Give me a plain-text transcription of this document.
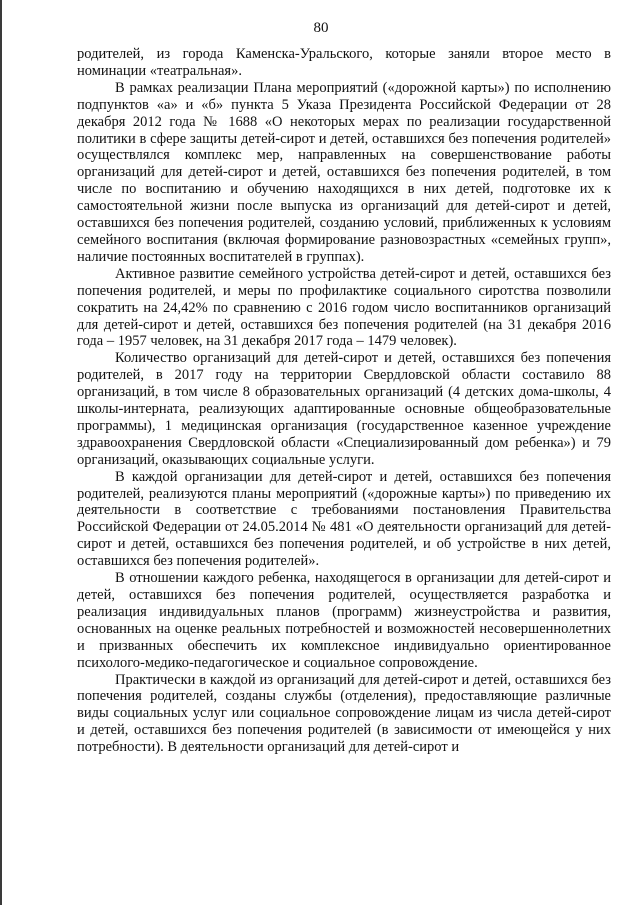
80

родителей, из города Каменска-Уральского, которые заняли второе место в номинации «театральная».

В рамках реализации Плана мероприятий («дорожной карты») по исполнению подпунктов «а» и «б» пункта 5 Указа Президента Российской Федерации от 28 декабря 2012 года № 1688 «О некоторых мерах по реализации государственной политики в сфере защиты детей-сирот и детей, оставшихся без попечения родителей» осуществлялся комплекс мер, направленных на совершенствование работы организаций для детей-сирот и детей, оставшихся без попечения родителей, в том числе по воспитанию и обучению находящихся в них детей, подготовке их к самостоятельной жизни после выпуска из организаций для детей-сирот и детей, оставшихся без попечения родителей, созданию условий, приближенных к условиям семейного воспитания (включая формирование разновозрастных «семейных групп», наличие постоянных воспитателей в группах).

Активное развитие семейного устройства детей-сирот и детей, оставшихся без попечения родителей, и меры по профилактике социального сиротства позволили сократить на 24,42% по сравнению с 2016 годом число воспитанников организаций для детей-сирот и детей, оставшихся без попечения родителей (на 31 декабря 2016 года – 1957 человек, на 31 декабря 2017 года – 1479 человек).

Количество организаций для детей-сирот и детей, оставшихся без попечения родителей, в 2017 году на территории Свердловской области составило 88 организаций, в том числе 8 образовательных организаций (4 детских дома-школы, 4 школы-интерната, реализующих адаптированные основные общеобразовательные программы), 1 медицинская организация (государственное казенное учреждение здравоохранения Свердловской области «Специализированный дом ребенка») и 79 организаций, оказывающих социальные услуги.

В каждой организации для детей-сирот и детей, оставшихся без попечения родителей, реализуются планы мероприятий («дорожные карты») по приведению их деятельности в соответствие с требованиями постановления Правительства Российской Федерации от 24.05.2014 № 481 «О деятельности организаций для детей-сирот и детей, оставшихся без попечения родителей, и об устройстве в них детей, оставшихся без попечения родителей».

В отношении каждого ребенка, находящегося в организации для детей-сирот и детей, оставшихся без попечения родителей, осуществляется разработка и реализация индивидуальных планов (программ) жизнеустройства и развития, основанных на оценке реальных потребностей и возможностей несовершеннолетних и призванных обеспечить их комплексное индивидуально ориентированное психолого-медико-педагогическое и социальное сопровождение.

Практически в каждой из организаций для детей-сирот и детей, оставшихся без попечения родителей, созданы службы (отделения), предоставляющие различные виды социальных услуг или социальное сопровождение лицам из числа детей-сирот и детей, оставшихся без попечения родителей (в зависимости от имеющейся у них потребности). В деятельности организаций для детей-сирот и
